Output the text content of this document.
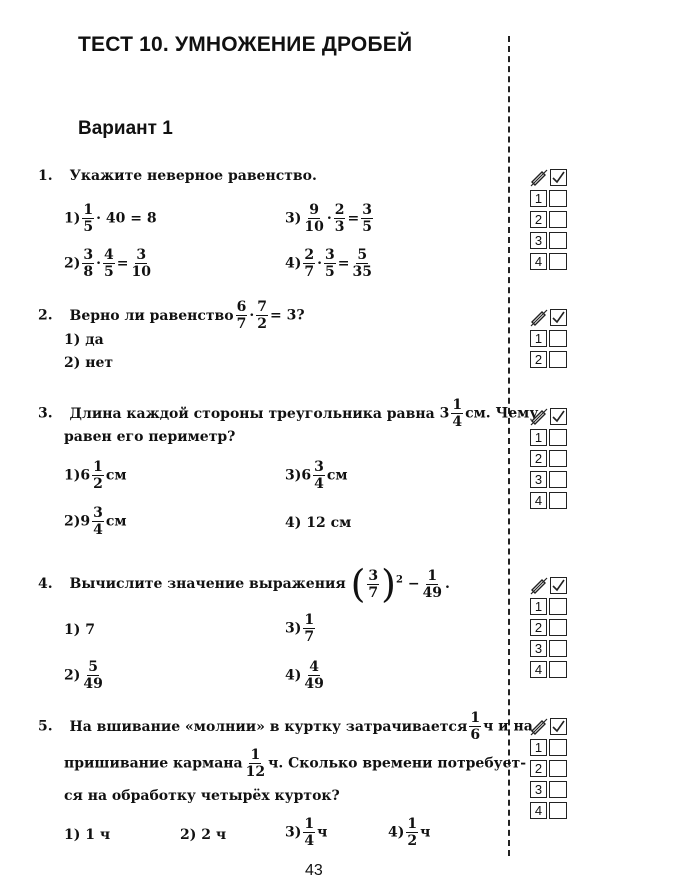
ТЕСТ 10. УМНОЖЕНИЕ ДРОБЕЙ
Вариант 1
1. Укажите неверное равенство.
$1) \frac{1}{5} \cdot 40 = 8$
$2) \frac{3}{8} \cdot \frac{4}{5} = \frac{3}{10}$
$3) \frac{9}{10} \cdot \frac{2}{3} = \frac{3}{5}$
$4) \frac{2}{7} \cdot \frac{3}{5} = \frac{5}{35}$
2. Верно ли равенство $\frac{6}{7} \cdot \frac{7}{2} = 3$?
1) да
2) нет
3. Длина каждой стороны треугольника равна $3 \frac{1}{4}$ см. Чему
равен его периметр?
$1)6 \frac{1}{2}$ см
$2)9 \frac{3}{4}$ см
$3)6 \frac{3}{4}$ см
4) 12 см
4. Вычислите значение выражения ( $\frac{3}{7} )^2 - \frac{1}{49}$ .
1) 7
$2) \frac{5}{49}$
$3) \frac{1}{7}$
$4) \frac{4}{49}$
5. На вшивание «молнии» в куртку затрачивается $\frac{1}{6}$ ч и на
пришивание кармана $\frac{1}{12} ч$. Сколько времени потребует-
ся на обработку четырёх курток?
1) 1 ч	2) 2 ч	$3) \frac{1}{4}$ ч	$4) \frac{1}{2}$ ч
1
2
3
4
1
2
1
2
3
4
1
2
3
4
1
2
3
4
43
